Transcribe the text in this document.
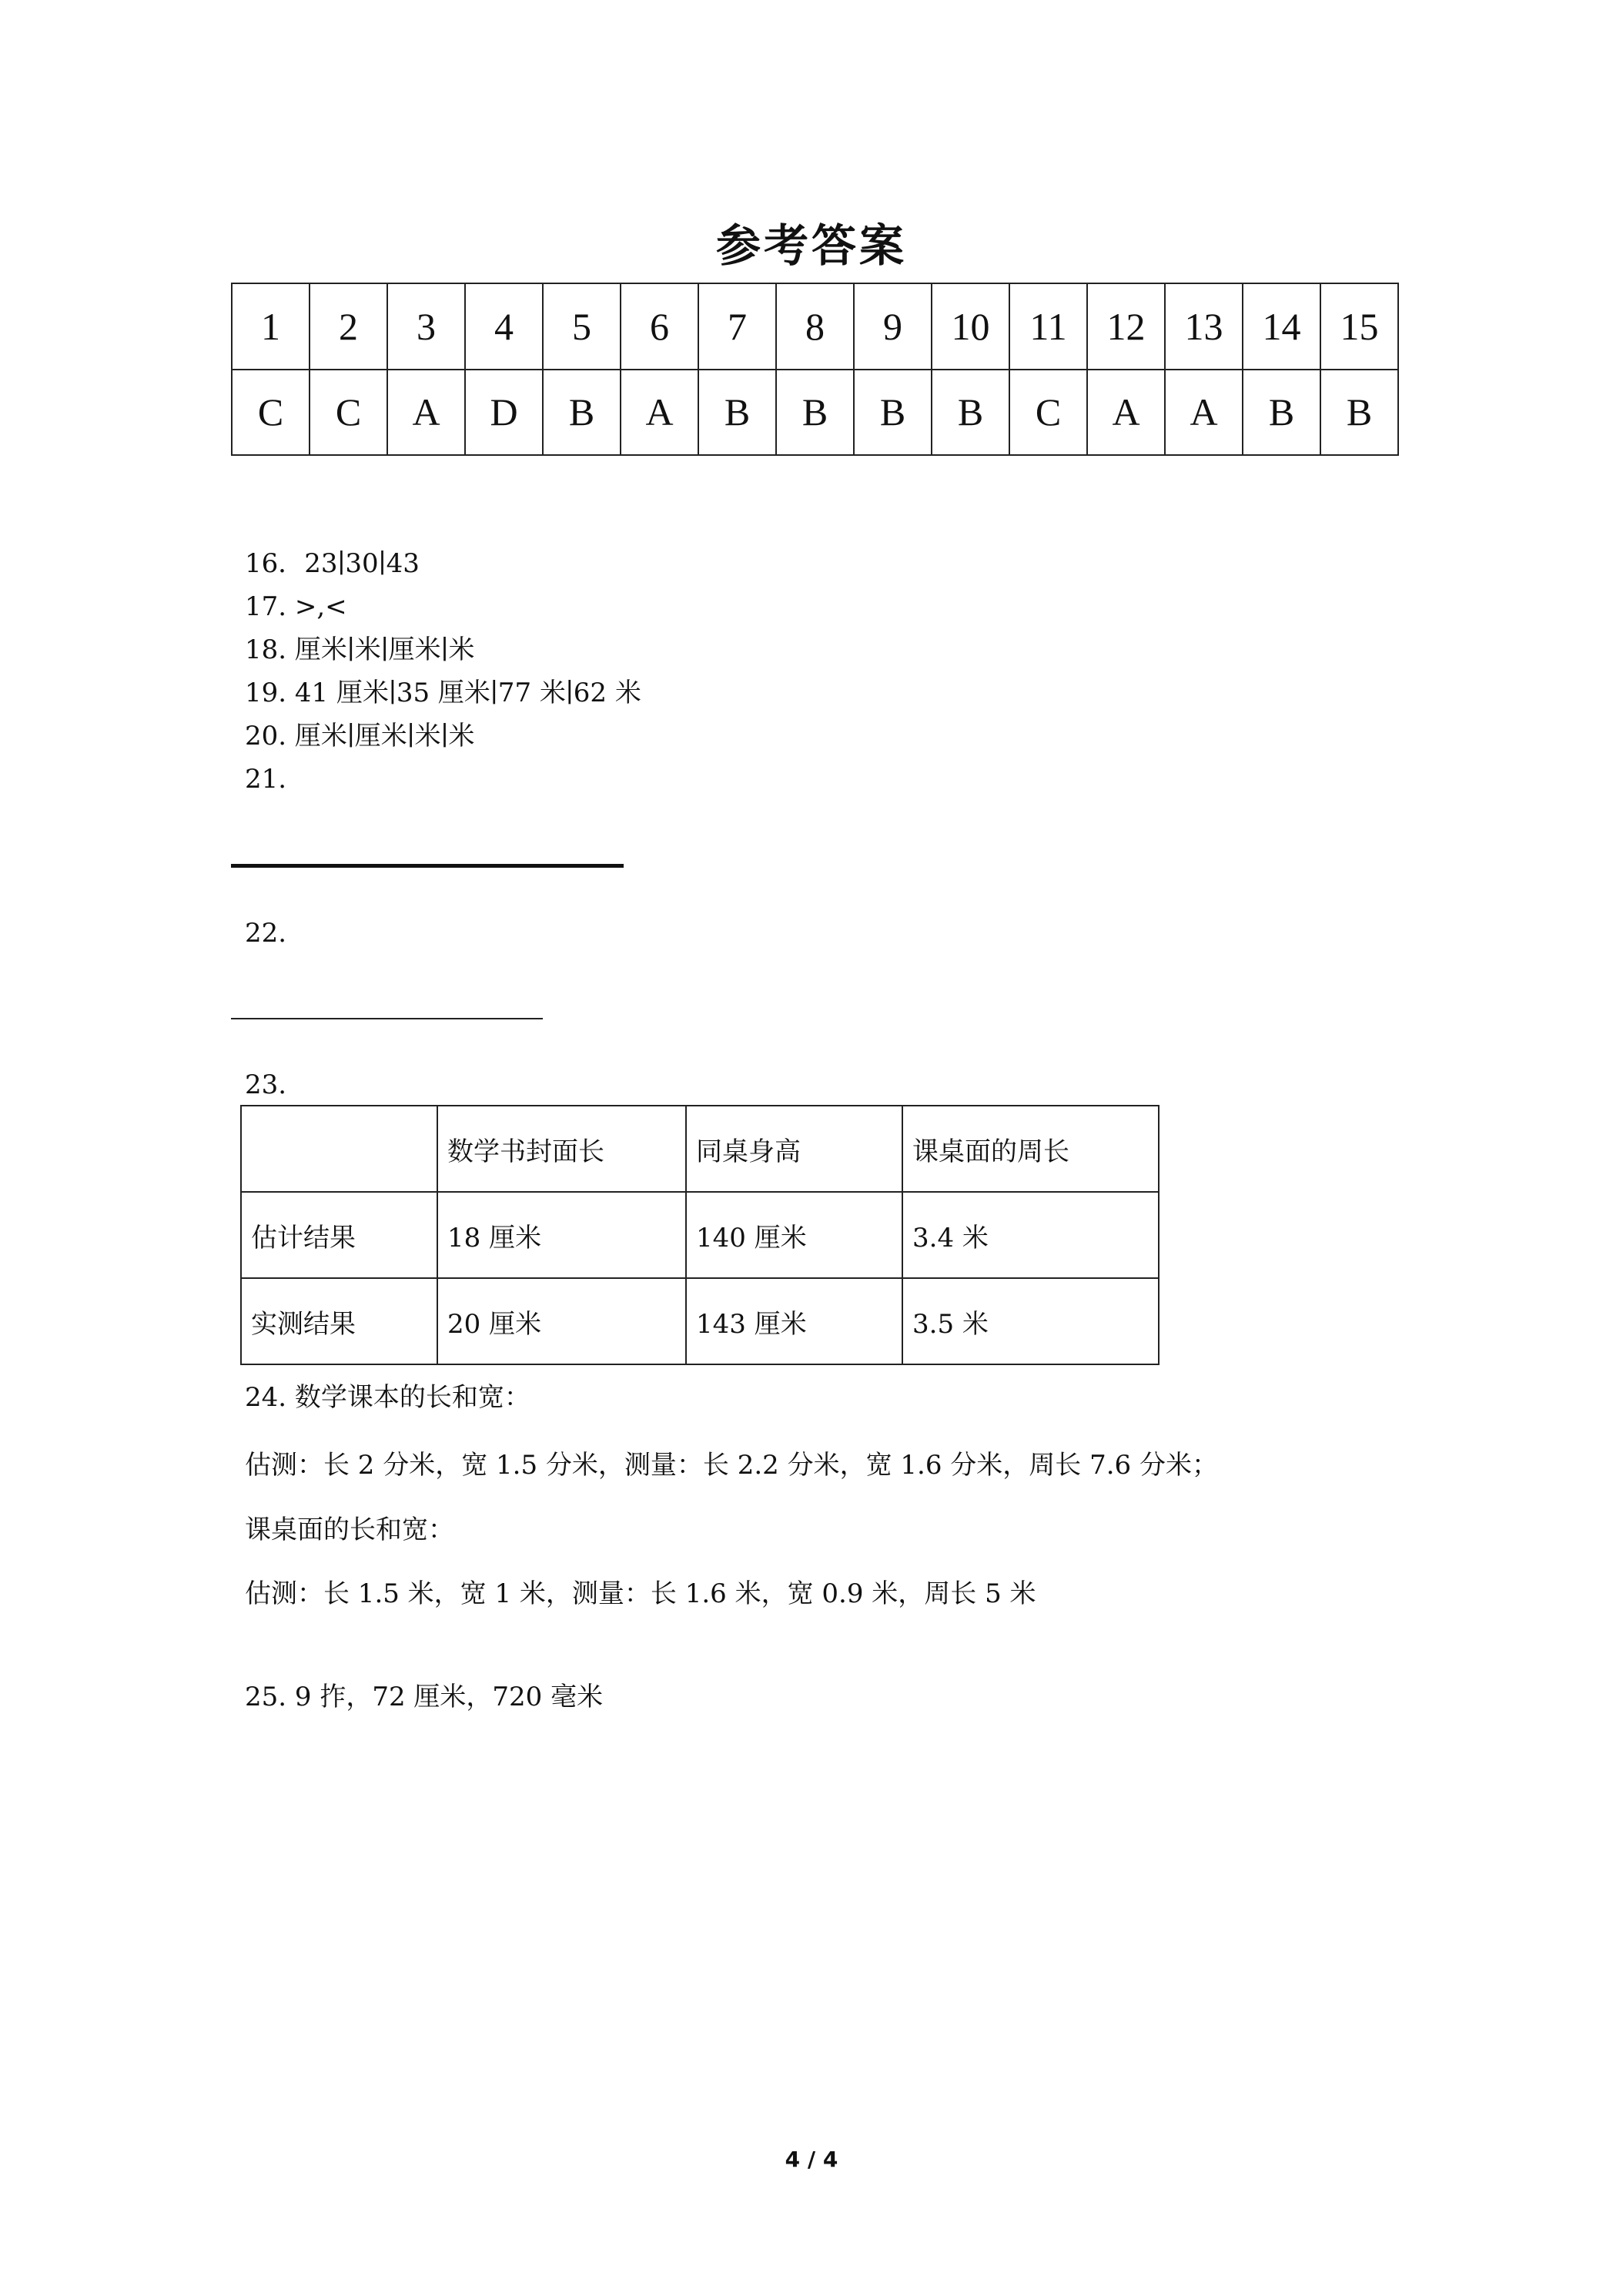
参考答案
1	2	3	4	5	6	7	8	9	10	11	12	13	14	15
C	C	A	D	B	A	B	B	B	B	C	A	A	B	B
16．23∣30∣43
17. >,<
18. 厘米∣米∣厘米∣米
19. 41 厘米∣35 厘米∣77 米∣62 米
20. 厘米∣厘米∣米∣米
21.
22.
23.
	数学书封面长	同桌身高	课桌面的周长
估计结果	18 厘米	140 厘米	3.4 米
实测结果	20 厘米	143 厘米	3.5 米
24. 数学课本的长和宽：
估测：长 2 分米，宽 1.5 分米，测量：长 2.2 分米，宽 1.6 分米，周长 7.6 分米；
课桌面的长和宽：
估测：长 1.5 米，宽 1 米，测量：长 1.6 米，宽 0.9 米，周长 5 米
25. 9 拃，72 厘米，720 毫米
4 / 4
